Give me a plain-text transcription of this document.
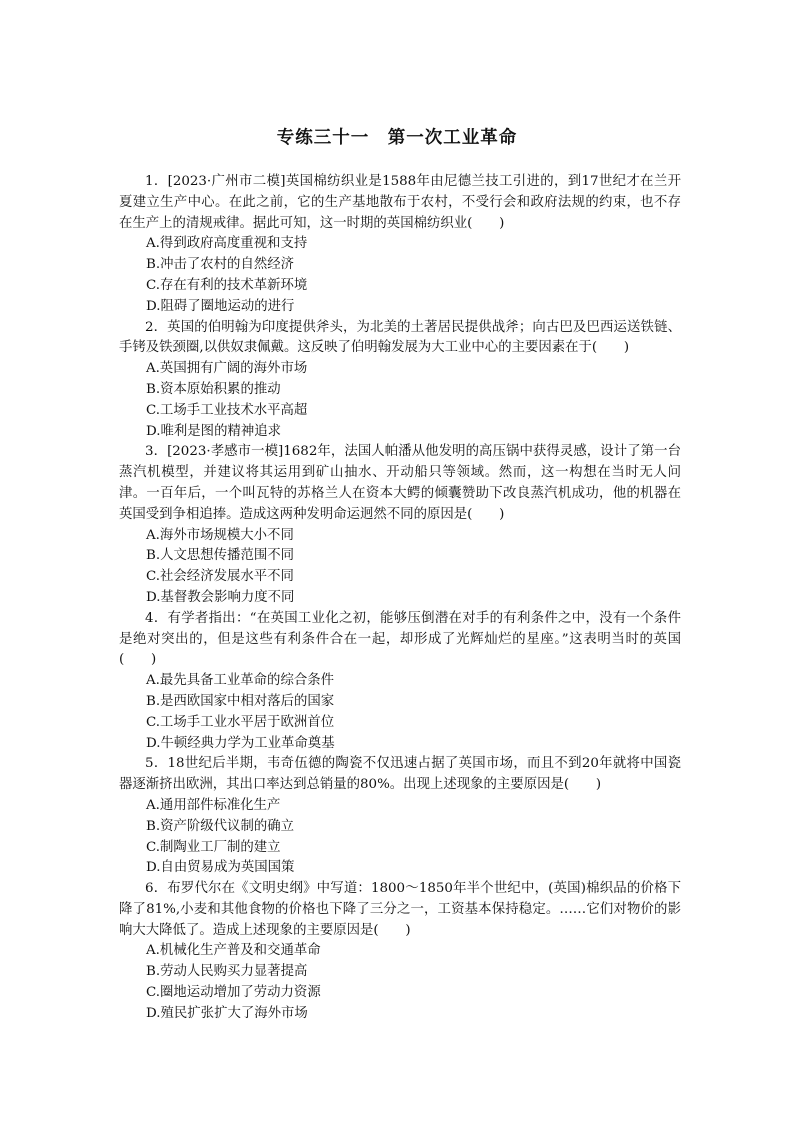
专练三十一　第一次工业革命

1．[2023·广州市二模]英国棉纺织业是1588年由尼德兰技工引进的，到17世纪才在兰开夏建立生产中心。在此之前，它的生产基地散布于农村，不受行会和政府法规的约束，也不存在生产上的清规戒律。据此可知，这一时期的英国棉纺织业(　　)

A.得到政府高度重视和支持

B.冲击了农村的自然经济

C.存在有利的技术革新环境

D.阻碍了圈地运动的进行

2．英国的伯明翰为印度提供斧头，为北美的土著居民提供战斧；向古巴及巴西运送铁链、手铐及铁颈圈,以供奴隶佩戴。这反映了伯明翰发展为大工业中心的主要因素在于(　　)

A.英国拥有广阔的海外市场

B.资本原始积累的推动

C.工场手工业技术水平高超

D.唯利是图的精神追求

3．[2023·孝感市一模]1682年，法国人帕潘从他发明的高压锅中获得灵感，设计了第一台蒸汽机模型，并建议将其运用到矿山抽水、开动船只等领域。然而，这一构想在当时无人问津。一百年后，一个叫瓦特的苏格兰人在资本大鳄的倾囊赞助下改良蒸汽机成功，他的机器在英国受到争相追捧。造成这两种发明命运迥然不同的原因是(　　)

A.海外市场规模大小不同

B.人文思想传播范围不同

C.社会经济发展水平不同

D.基督教会影响力度不同

4．有学者指出：“在英国工业化之初，能够压倒潜在对手的有利条件之中，没有一个条件是绝对突出的，但是这些有利条件合在一起，却形成了光辉灿烂的星座。”这表明当时的英国(　　)

A.最先具备工业革命的综合条件

B.是西欧国家中相对落后的国家

C.工场手工业水平居于欧洲首位

D.牛顿经典力学为工业革命奠基

5．18世纪后半期，韦奇伍德的陶瓷不仅迅速占据了英国市场，而且不到20年就将中国瓷器逐渐挤出欧洲，其出口率达到总销量的80%。出现上述现象的主要原因是(　　)

A.通用部件标准化生产

B.资产阶级代议制的确立

C.制陶业工厂制的建立

D.自由贸易成为英国国策

6．布罗代尔在《文明史纲》中写道：1800～1850年半个世纪中，(英国)棉织品的价格下降了81%,小麦和其他食物的价格也下降了三分之一，工资基本保持稳定。……它们对物价的影响大大降低了。造成上述现象的主要原因是(　　)

A.机械化生产普及和交通革命

B.劳动人民购买力显著提高

C.圈地运动增加了劳动力资源

D.殖民扩张扩大了海外市场
